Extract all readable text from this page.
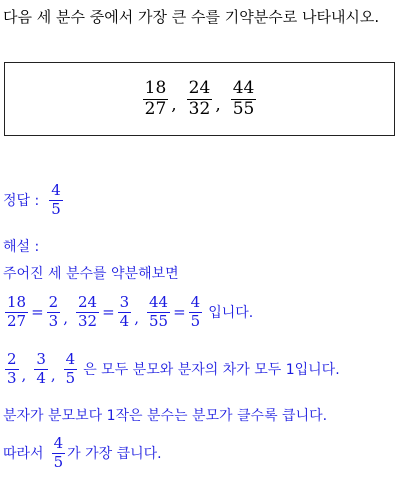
다음 세 분수 중에서 가장 큰 수를 기약분수로 나타내시오.
$\frac{18}{27}$ , $\frac{24}{32}$ , $\frac{44}{55}$
정답 : $\frac{4}{5}$
해설 :
주어진 세 분수를 약분해보면
$\frac{18}{27} = \frac{2}{3}$ , $\frac{24}{32} = \frac{3}{4}$ , $\frac{44}{55} = \frac{4}{5}$ 입니다.
$\frac{2}{3}$ , $\frac{3}{4}$ , $\frac{4}{5}$ 은 모두 분모와 분자의 차가 모두 1입니다.
분자가 분모보다 1작은 분수는 분모가 클수록 큽니다.
따라서 $\frac{4}{5}$ 가 가장 큽니다.
